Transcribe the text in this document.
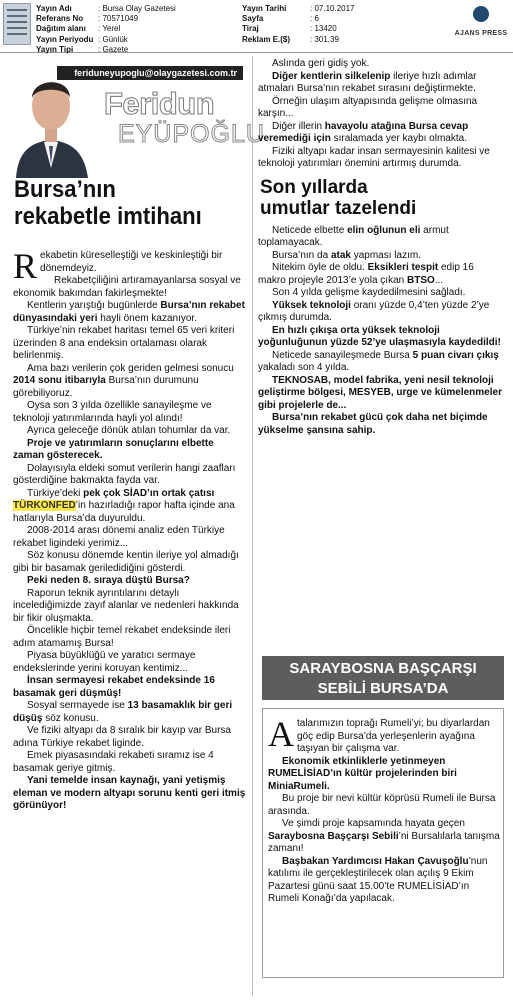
Yayın Adı	: Bursa Olay Gazetesi
Referans No : 70571049
Dağıtım alanı : Yerel
Yayın Periyodu : Günlük
Yayın Tipi	: Gazete
Yayın Tarihi	: 07.10.2017
Sayfa	: 6
Tiraj	: 13420
Reklam E.($) : 301,39
AJANS PRESS
feriduneyupoglu@olaygazetesi.com.tr
Feridun
EYÜPOĞLU
Bursa’nın
rekabetle imtihanı

Rekabetin küreselleştiği ve keskinleştiği bir dönemdeyiz.

Rekabetçiliğini artıramayanlarsa sosyal ve ekonomik bakımdan fakirleşmekte!

Kentlerin yarıştığı bugünlerde Bursa’nın rekabet dünyasındaki yeri hayli önem kazanıyor.

Türkiye’nin rekabet haritası temel 65 veri kriteri üzerinden 8 ana endeksin ortalaması olarak belirlenmiş.

Ama bazı verilerin çok geriden gelmesi sonucu 2014 sonu itibarıyla Bursa’nın durumunu görebiliyoruz.

Oysa son 3 yılda özellikle sanayileşme ve teknoloji yatırımlarında hayli yol alındı!

Ayrıca geleceğe dönük atılan tohumlar da var.

Proje ve yatırımların sonuçlarını elbette zaman gösterecek.

Dolayısıyla eldeki somut verilerin hangi zaafları gösterdiğine bakmakta fayda var.

Türkiye’deki pek çok SİAD’ın ortak çatısı TÜRKONFED’in hazırladığı rapor hafta içinde ana hatlarıyla Bursa’da duyuruldu.

2008-2014 arası dönemi analiz eden Türkiye rekabet ligindeki yerimiz...

Söz konusu dönemde kentin ileriye yol almadığı gibi bir basamak geriledidiğini gösterdi.

Peki neden 8. sıraya düştü Bursa?

Raporun teknik ayrıntılarını detaylı incelediğimizde zayıf alanlar ve nedenleri hakkında bir fikir oluşmakta.

Öncelikle hiçbir temel rekabet endeksinde ileri adım atamamış Bursa!

Piyasa büyüklüğü ve yaratıcı sermaye endekslerinde yerini koruyan kentimiz...

İnsan sermayesi rekabet endeksinde 16 basamak geri düşmüş!

Sosyal sermayede ise 13 basamaklık bir geri düşüş söz konusu.

Ve fiziki altyapı da 8 sıralık bir kayıp var Bursa adına Türkiye rekabet liginde.

Emek piyasasındaki rekabeti sıramız ise 4 basamak geriye gitmiş.

Yani temelde insan kaynağı, yani yetişmiş eleman ve modern altyapı sorunu kenti geri itmiş görünüyor!

Aslında geri gidiş yok.

Diğer kentlerin silkelenip ileriye hızlı adımlar atmaları Bursa’nın rekabet sırasını değiştirmekte.

Örneğin ulaşım altyapısında gelişme olmasına karşın...

Diğer illerin havayolu atağına Bursa cevap veremediği için sıralamada yer kaybı olmakta.

Fiziki altyapı kadar insan sermayesinin kalitesi ve teknoloji yatırımları önemini artırmış durumda.

Son yıllarda
umutlar tazelendi

Neticede elbette elin oğlunun eli armut toplamayacak.

Bursa’nın da atak yapması lazım.

Nitekim öyle de oldu. Eksikleri tespit edip 16 makro projeyle 2013’e yola çıkan BTSO...

Son 4 yılda gelişme kaydedilmesini sağladı.

Yüksek teknoloji oranı yüzde 0,4’ten yüzde 2’ye çıkmış durumda.

En hızlı çıkışa orta yüksek teknoloji yoğunluğunun yüzde 52’ye ulaşmasıyla kaydedildi!

Neticede sanayileşmede Bursa 5 puan civarı çıkış yakaladı son 4 yılda.

TEKNOSAB, model fabrika, yeni nesil teknoloji geliştirme bölgesi, MESYEB, urge ve kümelenmeler gibi projelerle de...

Bursa’nın rekabet gücü çok daha net biçimde yükselme şansına sahip.

SARAYBOSNA BAŞÇARŞI
SEBİLİ BURSA’DA

Atalarımızın toprağı Rumeli’yi; bu diyarlardan göç edip Bursa’da yerleşenlerin ayağına taşıyan bir çalışma var.

Ekonomik etkinliklerle yetinmeyen RUMELİSİAD’ın kültür projelerinden biri MiniaRumeli.

Bu proje bir nevi kültür köprüsü Rumeli ile Bursa arasında.

Ve şimdi proje kapsamında hayata geçen Saraybosna Başçarşı Sebili’ni Bursalılarla tanışma zamanı!

Başbakan Yardımcısı Hakan Çavuşoğlu’nun katılımı ile gerçekleştirilecek olan açılış 9 Ekim Pazartesi günü saat 15.00’te RUMELİSİAD’ın Rumeli Konağı’da yapılacak.
